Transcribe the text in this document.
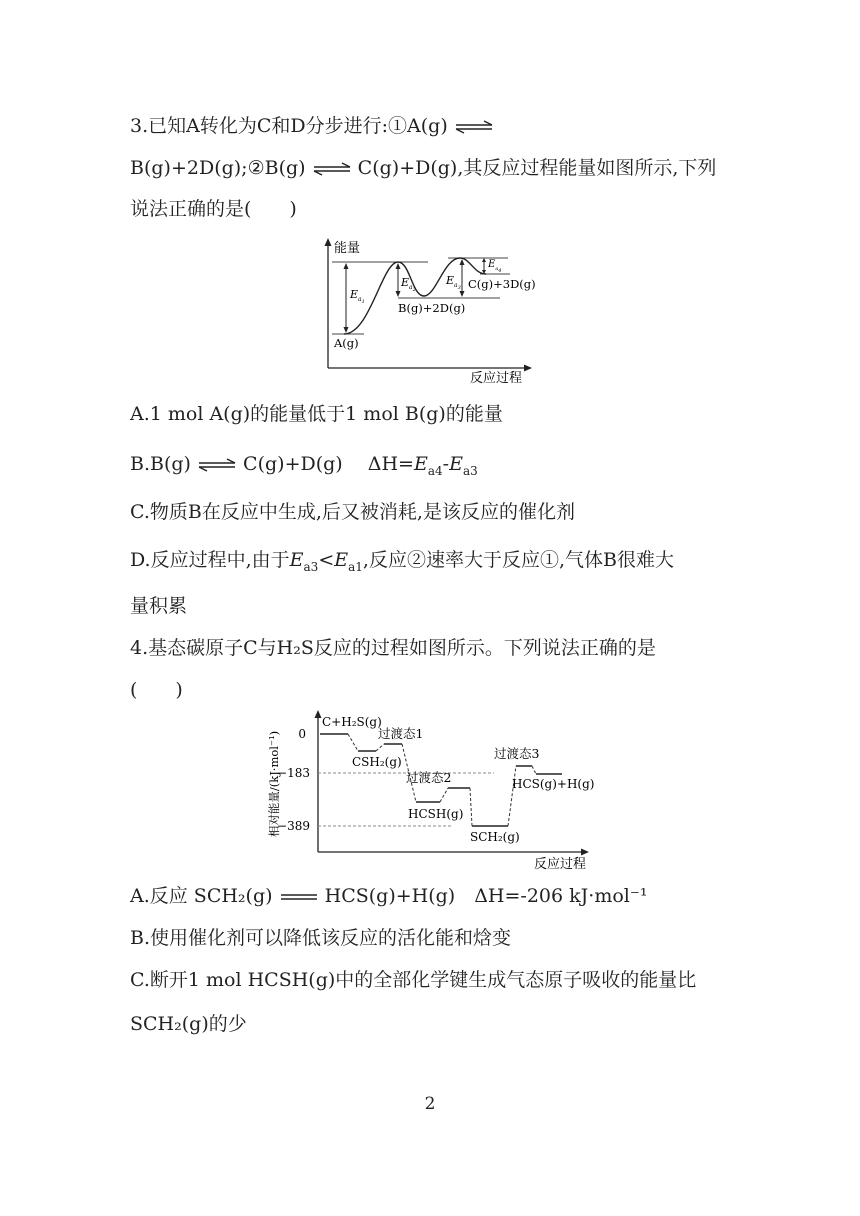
3.已知A转化为C和D分步进行:①A(g) ⇌
B(g)+2D(g);②B(g) ⇌ C(g)+D(g),其反应过程能量如图所示,下列
说法正确的是(　　)
能量
反应过程
$E_a1$
$E_a2$
$E_a3$
$E_{a4}$
A(g)
B(g)+2D(g)
C(g)+3D(g)
A.1 mol A(g)的能量低于1 mol B(g)的能量
B.B(g) ⇌ C(g)+D(g)　 $\Delta H=E_{a4}-E_{a3}$
C.物质B在反应中生成,后又被消耗,是该反应的催化剂
D.反应过程中,由于$E_{a3}<E_{a1}$,反应②速率大于反应①,气体B很难大
量积累
4.基态碳原子C与H₂S反应的过程如图所示。下列说法正确的是
(　　)
相对能量/(kJ·mol⁻¹)
反应过程
0
−183
−389
C+H₂S(g)
过渡态1
CSH₂(g)
过渡态2
HCSH(g)
SCH₂(g)
过渡态3
HCS(g)+H(g)
A.反应 SCH₂(g)	HCS(g)+H(g)　ΔH=-206 kJ·mol⁻¹
B.使用催化剂可以降低该反应的活化能和焓变
C.断开1 mol HCSH(g)中的全部化学键生成气态原子吸收的能量比
SCH₂(g)的少
2
